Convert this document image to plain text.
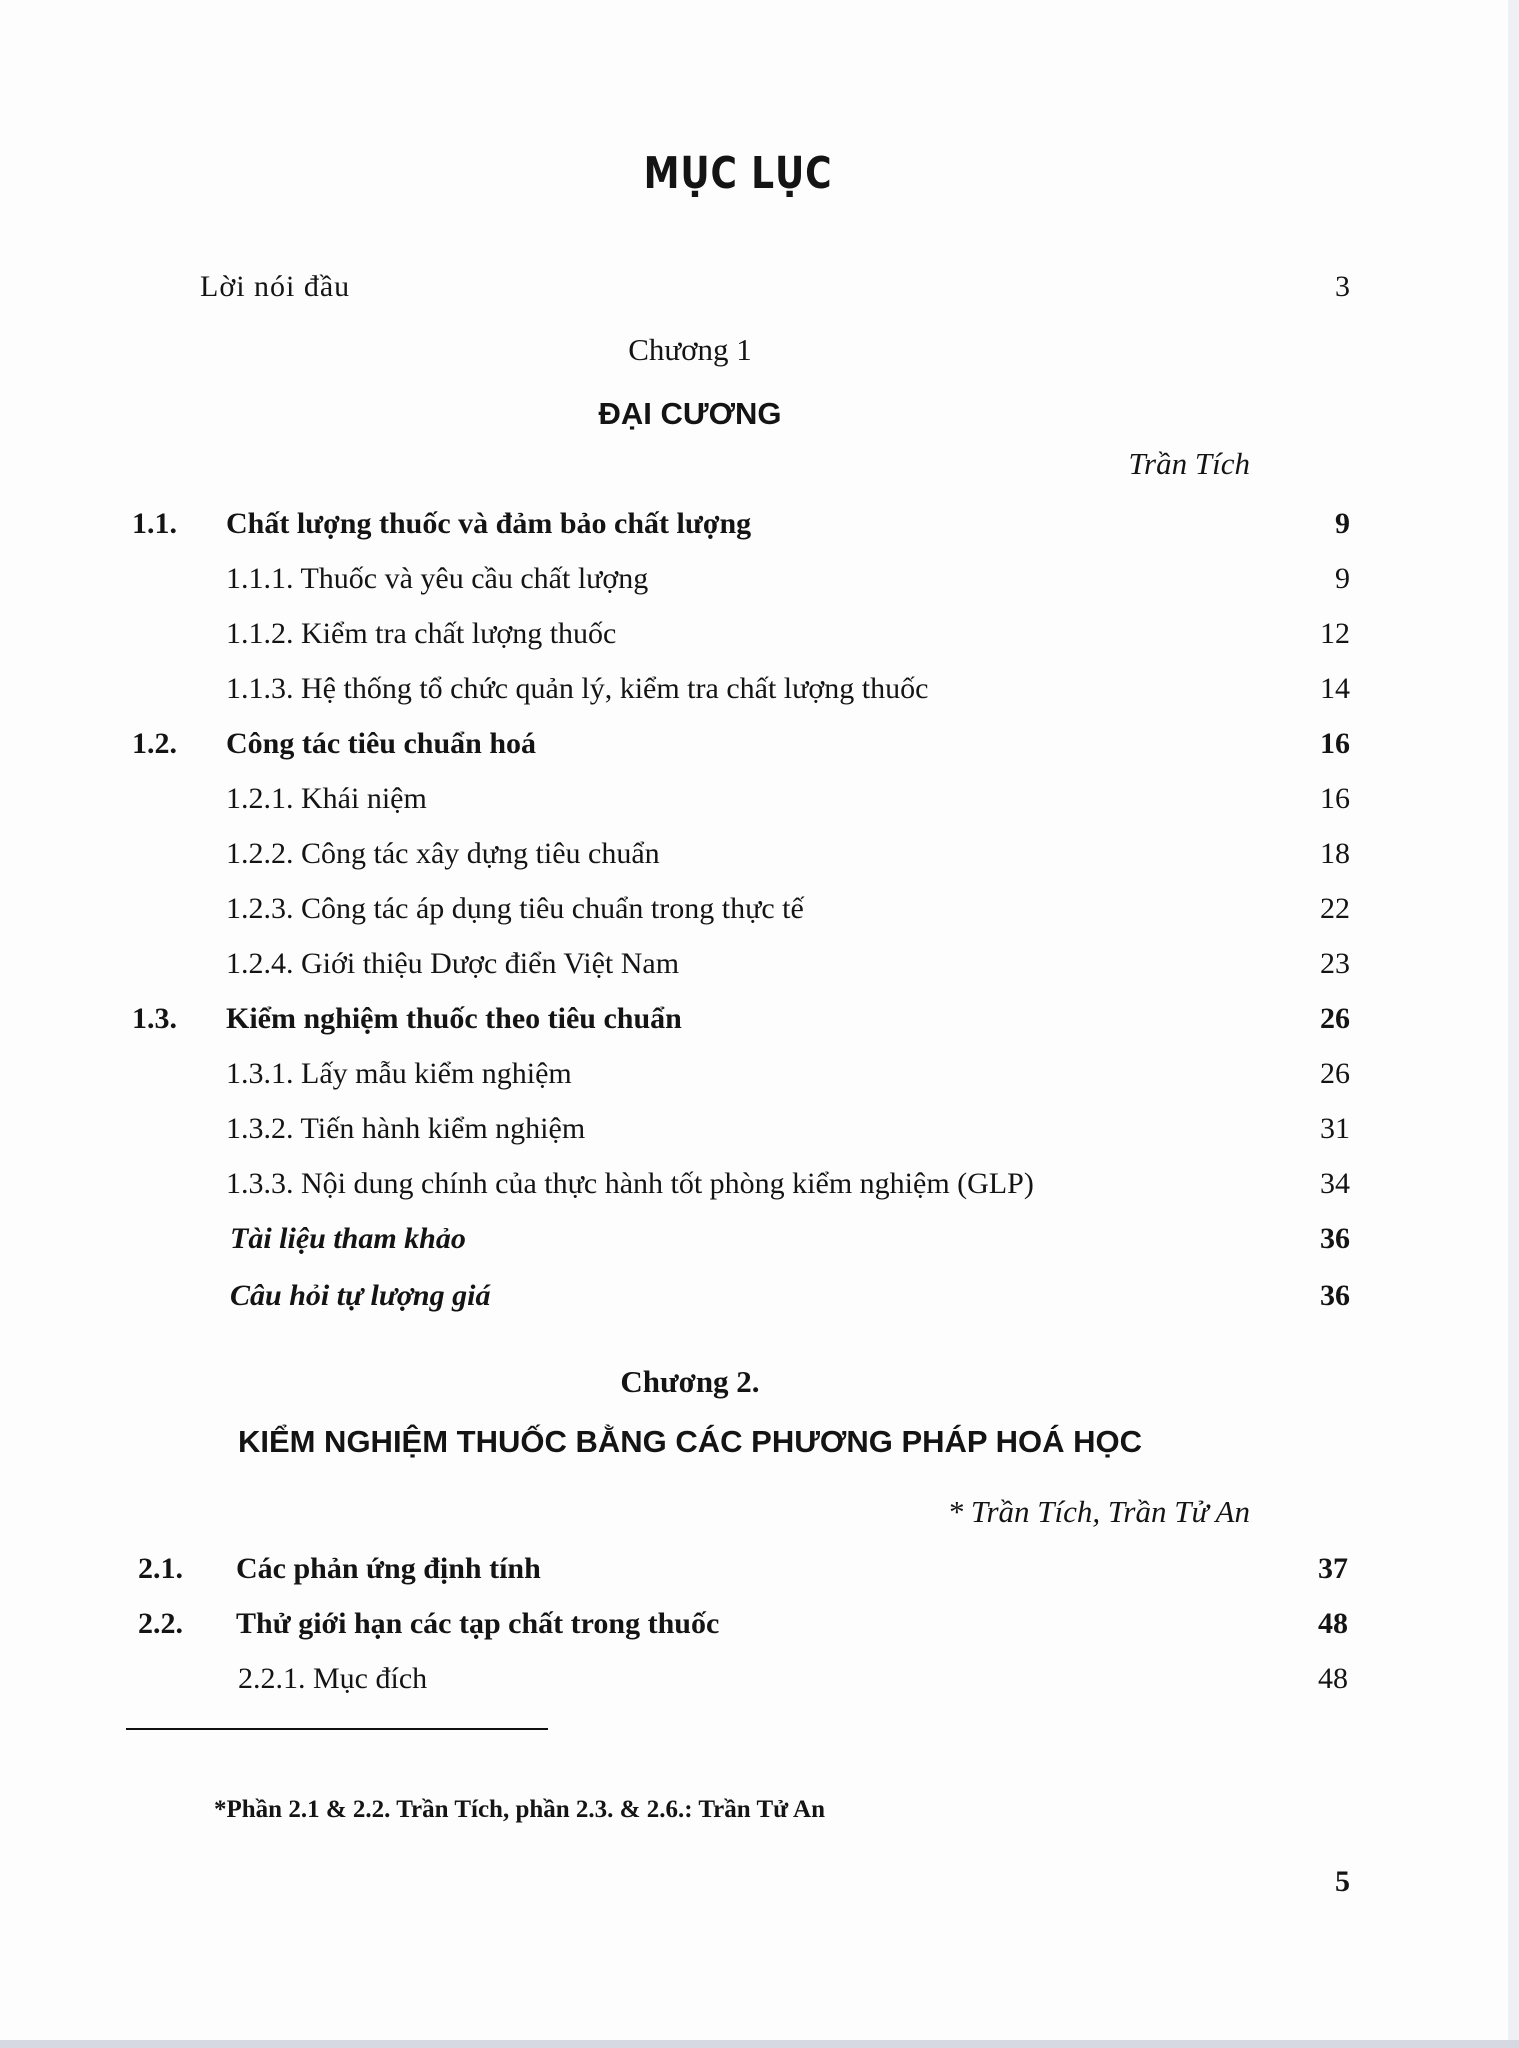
MỤC LỤC
Lời nói đầu	3
Chương 1
ĐẠI CƯƠNG
Trần Tích
1.1. Chất lượng thuốc và đảm bảo chất lượng	9
1.1.1. Thuốc và yêu cầu chất lượng	9
1.1.2. Kiểm tra chất lượng thuốc	12
1.1.3. Hệ thống tổ chức quản lý, kiểm tra chất lượng thuốc	14
1.2. Công tác tiêu chuẩn hoá	16
1.2.1. Khái niệm	16
1.2.2. Công tác xây dựng tiêu chuẩn	18
1.2.3. Công tác áp dụng tiêu chuẩn trong thực tế	22
1.2.4. Giới thiệu Dược điển Việt Nam	23
1.3. Kiểm nghiệm thuốc theo tiêu chuẩn	26
1.3.1. Lấy mẫu kiểm nghiệm	26
1.3.2. Tiến hành kiểm nghiệm	31
1.3.3. Nội dung chính của thực hành tốt phòng kiểm nghiệm (GLP)	34
Tài liệu tham khảo	36
Câu hỏi tự lượng giá	36
Chương 2.
KIỂM NGHIỆM THUỐC BẰNG CÁC PHƯƠNG PHÁP HOÁ HỌC
* Trần Tích, Trần Tử An
2.1. Các phản ứng định tính	37
2.2. Thử giới hạn các tạp chất trong thuốc	48
2.2.1. Mục đích	48
*Phần 2.1 & 2.2. Trần Tích, phần 2.3. & 2.6.: Trần Tử An
5
